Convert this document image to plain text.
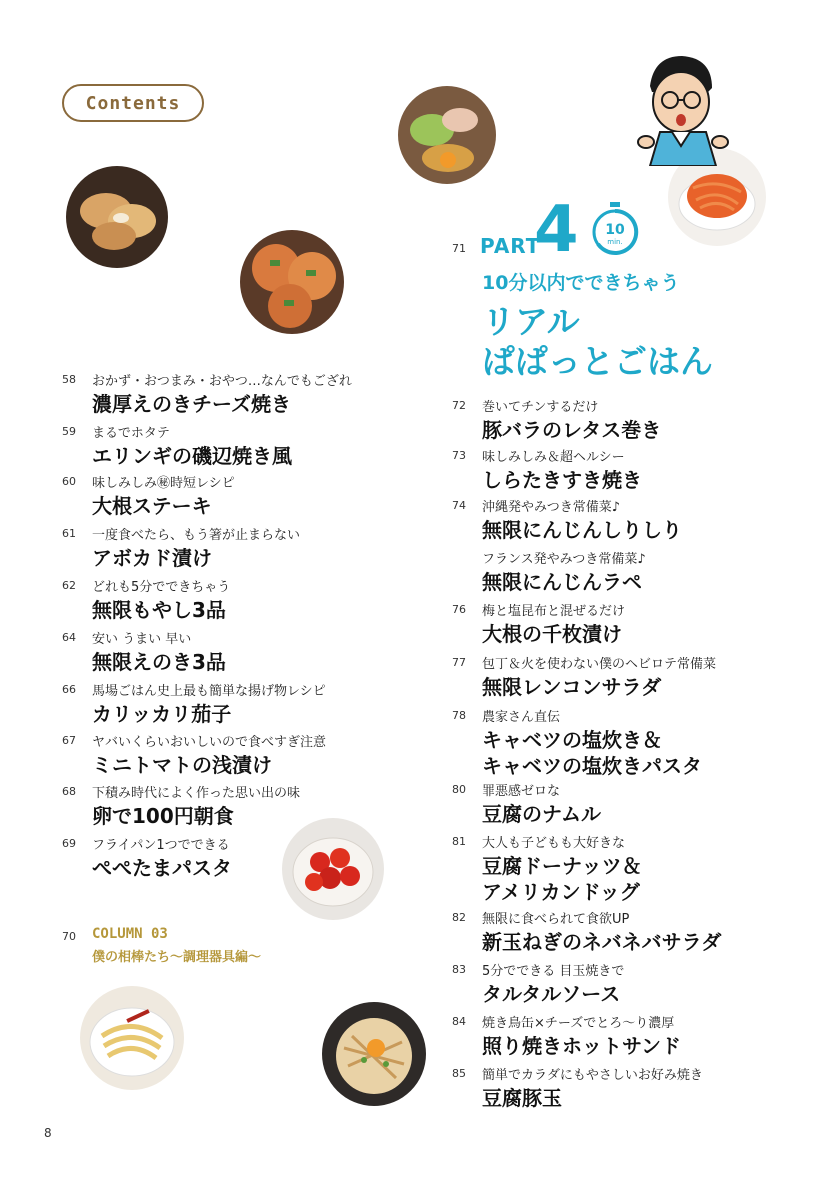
Contents
71 PART
4	10
min.
10分以内でできちゃう
リアル
ぱぱっとごはん
58 おかず・おつまみ・おやつ…なんでもござれ
濃厚えのきチーズ焼き
59 まるでホタテ
エリンギの磯辺焼き風
60 味しみしみ㊙時短レシピ
大根ステーキ
61 一度食べたら、もう箸が止まらない
アボカド漬け
62 どれも5分でできちゃう
無限もやし3品
64 安い うまい 早い
無限えのき3品
66 馬場ごはん史上最も簡単な揚げ物レシピ
カリッカリ茄子
67 ヤバいくらいおいしいので食べすぎ注意
ミニトマトの浅漬け
68 下積み時代によく作った思い出の味
卵で100円朝食
69 フライパン1つでできる
ぺぺたまパスタ
70 COLUMN 03
僕の相棒たち〜調理器具編〜
72 巻いてチンするだけ
豚バラのレタス巻き
73 味しみしみ＆超ヘルシー
しらたきすき焼き
74 沖縄発やみつき常備菜♪
無限にんじんしりしり
フランス発やみつき常備菜♪
無限にんじんラペ
76 梅と塩昆布と混ぜるだけ
大根の千枚漬け
77 包丁＆火を使わない僕のヘビロテ常備菜
無限レンコンサラダ
78 農家さん直伝
キャベツの塩炊き＆
キャベツの塩炊きパスタ
80 罪悪感ゼロな
豆腐のナムル
81 大人も子どもも大好きな
豆腐ドーナッツ＆
アメリカンドッグ
82 無限に食べられて食欲UP
新玉ねぎのネバネバサラダ
83 5分でできる 目玉焼きで
タルタルソース
84 焼き鳥缶×チーズでとろ〜り濃厚
照り焼きホットサンド
85 簡単でカラダにもやさしいお好み焼き
豆腐豚玉
8
